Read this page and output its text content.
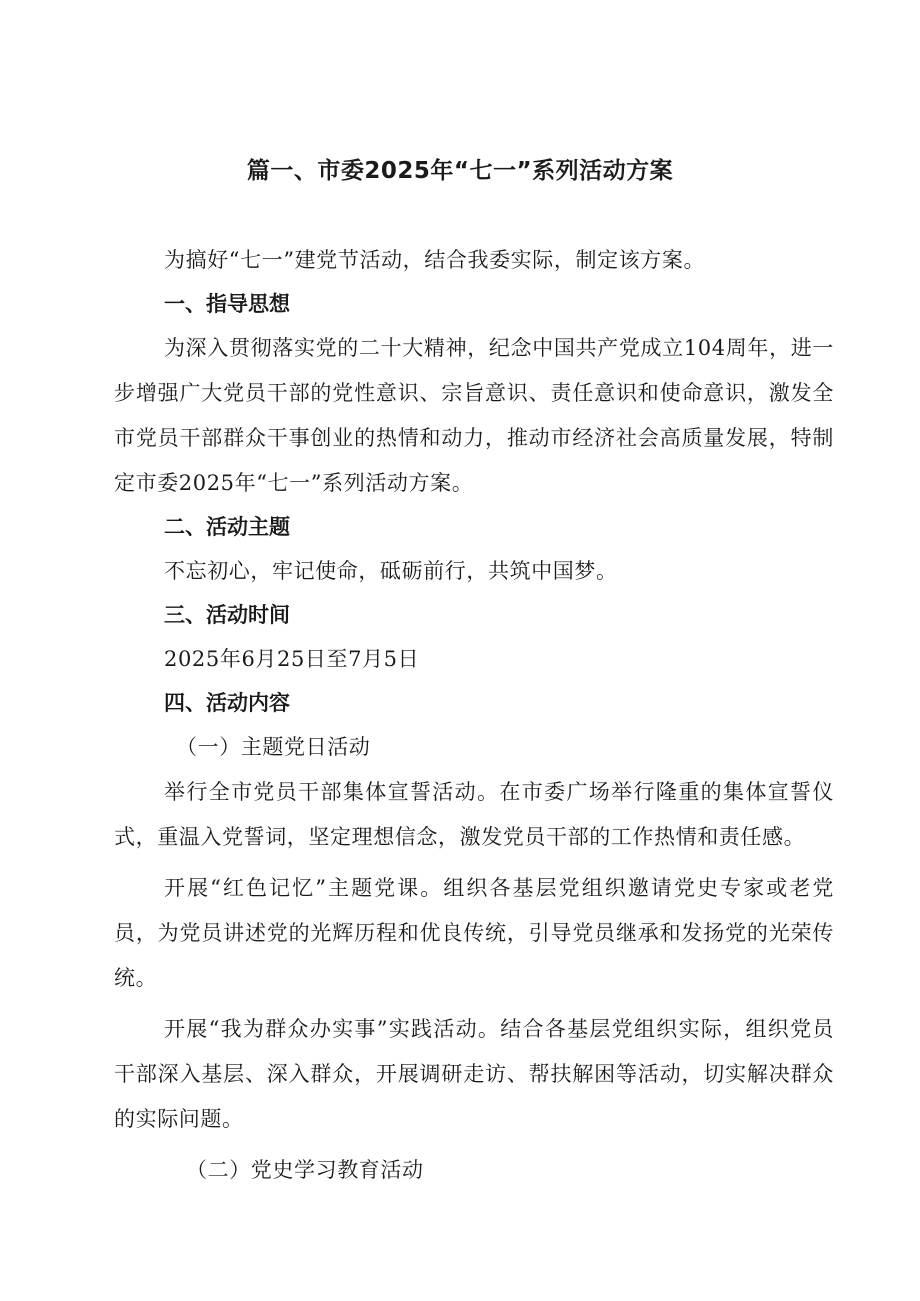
篇一、市委2025年“七一”系列活动方案

为搞好“七一”建党节活动，结合我委实际，制定该方案。

一、指导思想

为深入贯彻落实党的二十大精神，纪念中国共产党成立104周年，进一步增强广大党员干部的党性意识、宗旨意识、责任意识和使命意识，激发全市党员干部群众干事创业的热情和动力，推动市经济社会高质量发展，特制定市委2025年“七一”系列活动方案。

二、活动主题

不忘初心，牢记使命，砥砺前行，共筑中国梦。

三、活动时间

2025年6月25日至7月5日

四、活动内容

（一）主题党日活动

举行全市党员干部集体宣誓活动。在市委广场举行隆重的集体宣誓仪式，重温入党誓词，坚定理想信念，激发党员干部的工作热情和责任感。

开展“红色记忆”主题党课。组织各基层党组织邀请党史专家或老党员，为党员讲述党的光辉历程和优良传统，引导党员继承和发扬党的光荣传统。

开展“我为群众办实事”实践活动。结合各基层党组织实际，组织党员干部深入基层、深入群众，开展调研走访、帮扶解困等活动，切实解决群众的实际问题。

（二）党史学习教育活动
